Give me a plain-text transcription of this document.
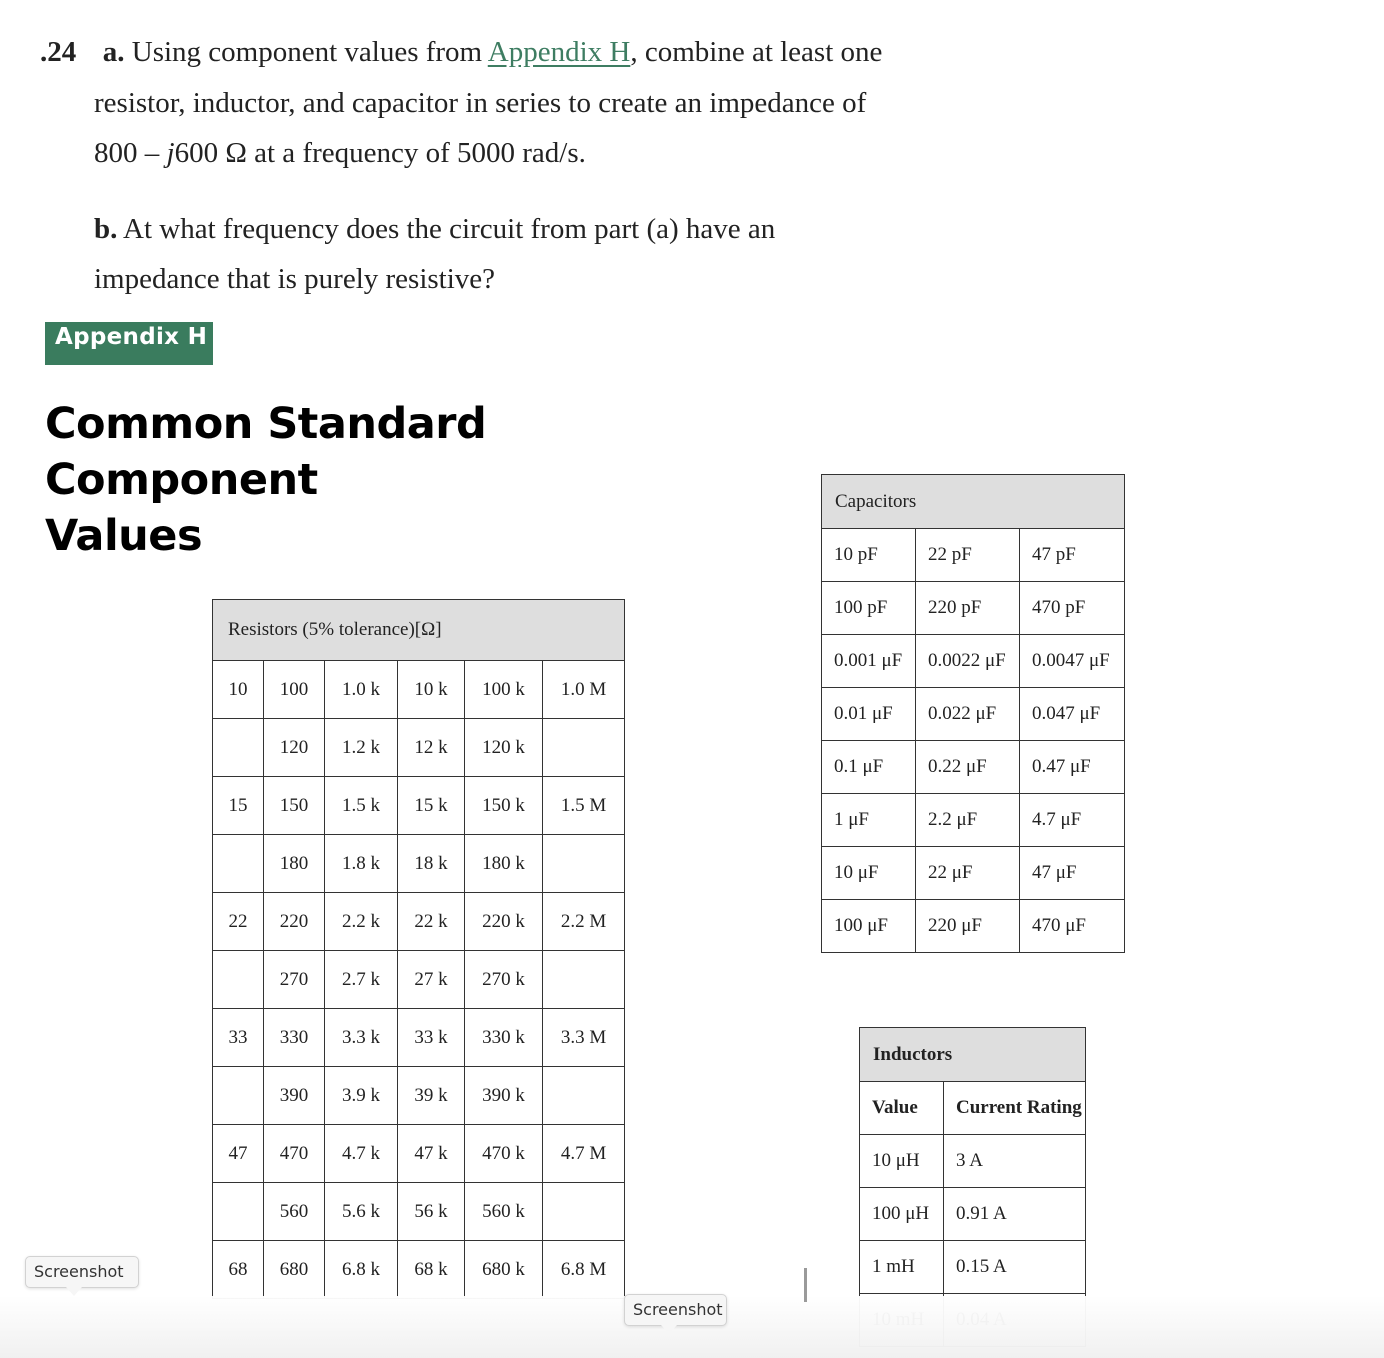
.24 a. Using component values from Appendix H, combine at least one
resistor, inductor, and capacitor in series to create an impedance of
800 – j600 Ω at a frequency of 5000 rad/s.
b. At what frequency does the circuit from part (a) have an
impedance that is purely resistive?
Appendix H
Common Standard Component
Values
Resistors (5% tolerance)[Ω]					
10	100	1.0 k	10 k	100 k	1.0 M
	120	1.2 k	12 k	120 k	
15	150	1.5 k	15 k	150 k	1.5 M
	180	1.8 k	18 k	180 k	
22	220	2.2 k	22 k	220 k	2.2 M
	270	2.7 k	27 k	270 k	
33	330	3.3 k	33 k	330 k	3.3 M
	390	3.9 k	39 k	390 k	
47	470	4.7 k	47 k	470 k	4.7 M
	560	5.6 k	56 k	560 k	
68	680	6.8 k	68 k	680 k	6.8 M
Capacitors		
10 pF	22 pF	47 pF
100 pF	220 pF	470 pF
0.001 μF	0.0022 μF	0.0047 μF
0.01 μF	0.022 μF	0.047 μF
0.1 μF	0.22 μF	0.47 μF
1 μF	2.2 μF	4.7 μF
10 μF	22 μF	47 μF
100 μF	220 μF	470 μF
Inductors	
Value	Current Rating
10 μH	3 A
100 μH	0.91 A
1 mH	0.15 A

Screenshot
Screenshot
